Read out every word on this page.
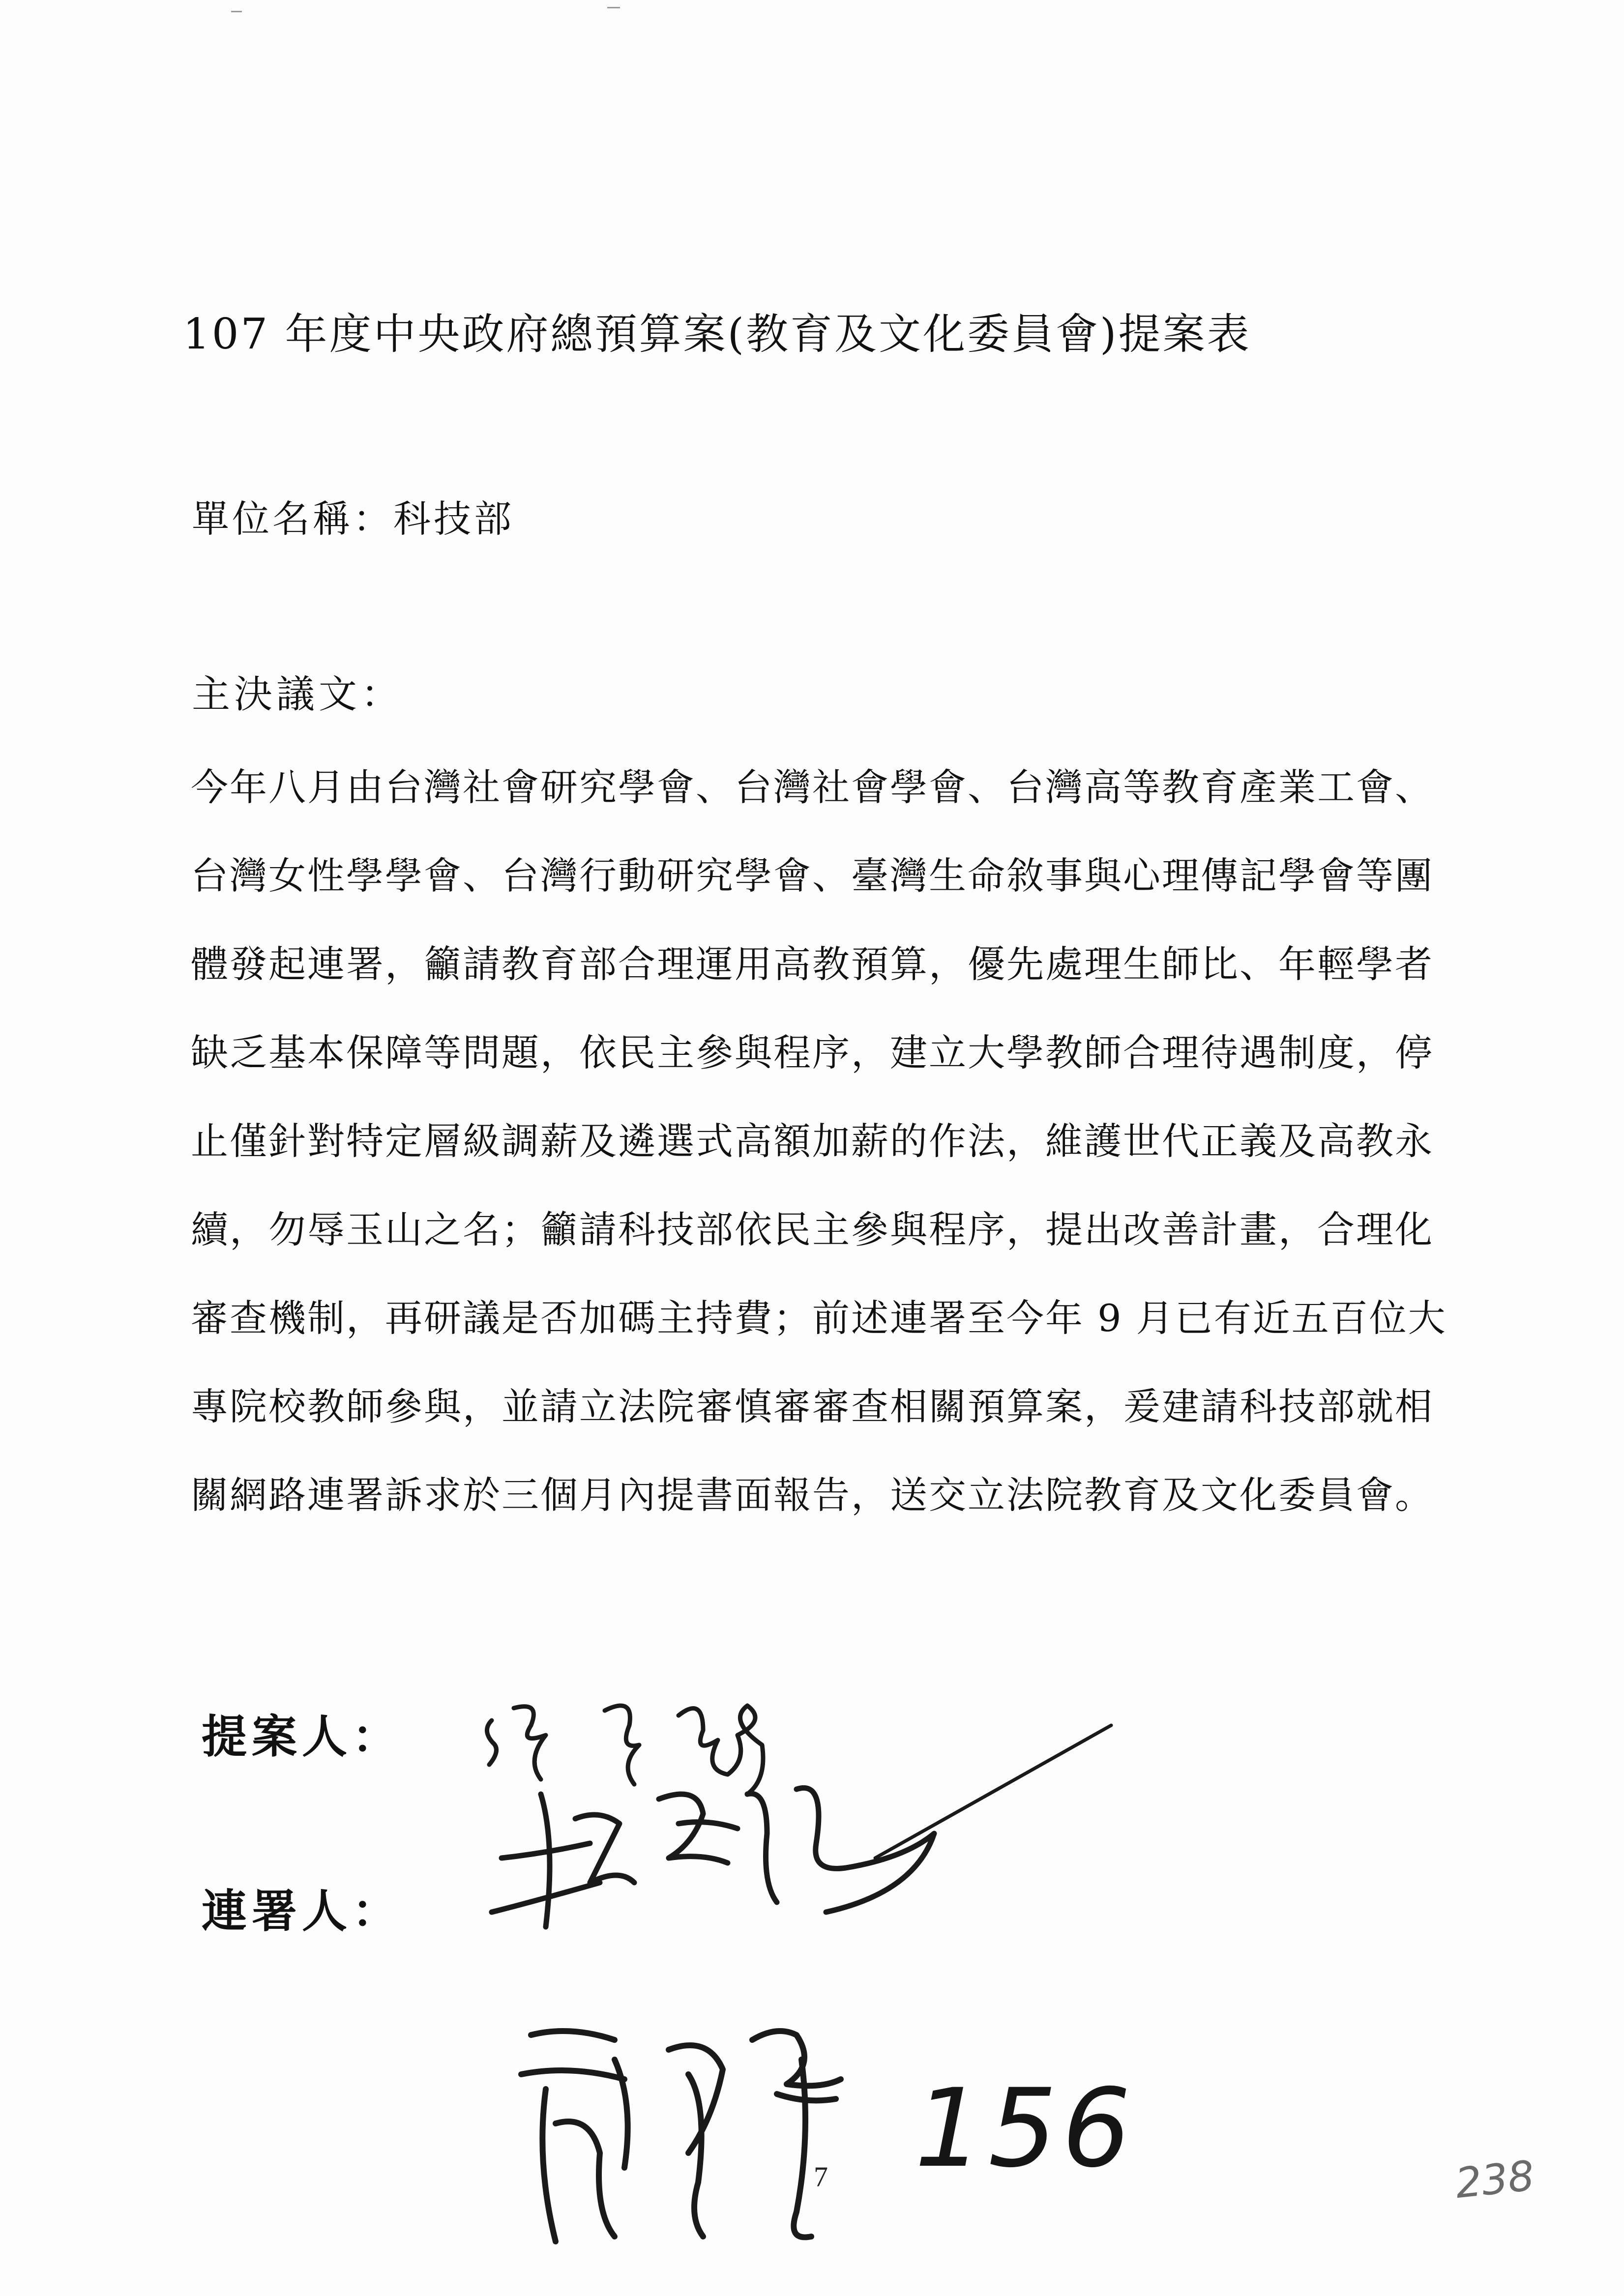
107 年度中央政府總預算案(教育及文化委員會)提案表
單位名稱：科技部
主決議文：
今年八月由台灣社會研究學會、台灣社會學會、台灣高等教育產業工會、
台灣女性學學會、台灣行動研究學會、臺灣生命敘事與心理傳記學會等團
體發起連署，籲請教育部合理運用高教預算，優先處理生師比、年輕學者
缺乏基本保障等問題，依民主參與程序，建立大學教師合理待遇制度，停
止僅針對特定層級調薪及遴選式高額加薪的作法，維護世代正義及高教永
續，勿辱玉山之名；籲請科技部依民主參與程序，提出改善計畫，合理化
審查機制，再研議是否加碼主持費；前述連署至今年 9 月已有近五百位大
專院校教師參與，並請立法院審慎審審查相關預算案，爰建請科技部就相
關網路連署訴求於三個月內提書面報告，送交立法院教育及文化委員會。
提案人：
連署人：
7 156	238
